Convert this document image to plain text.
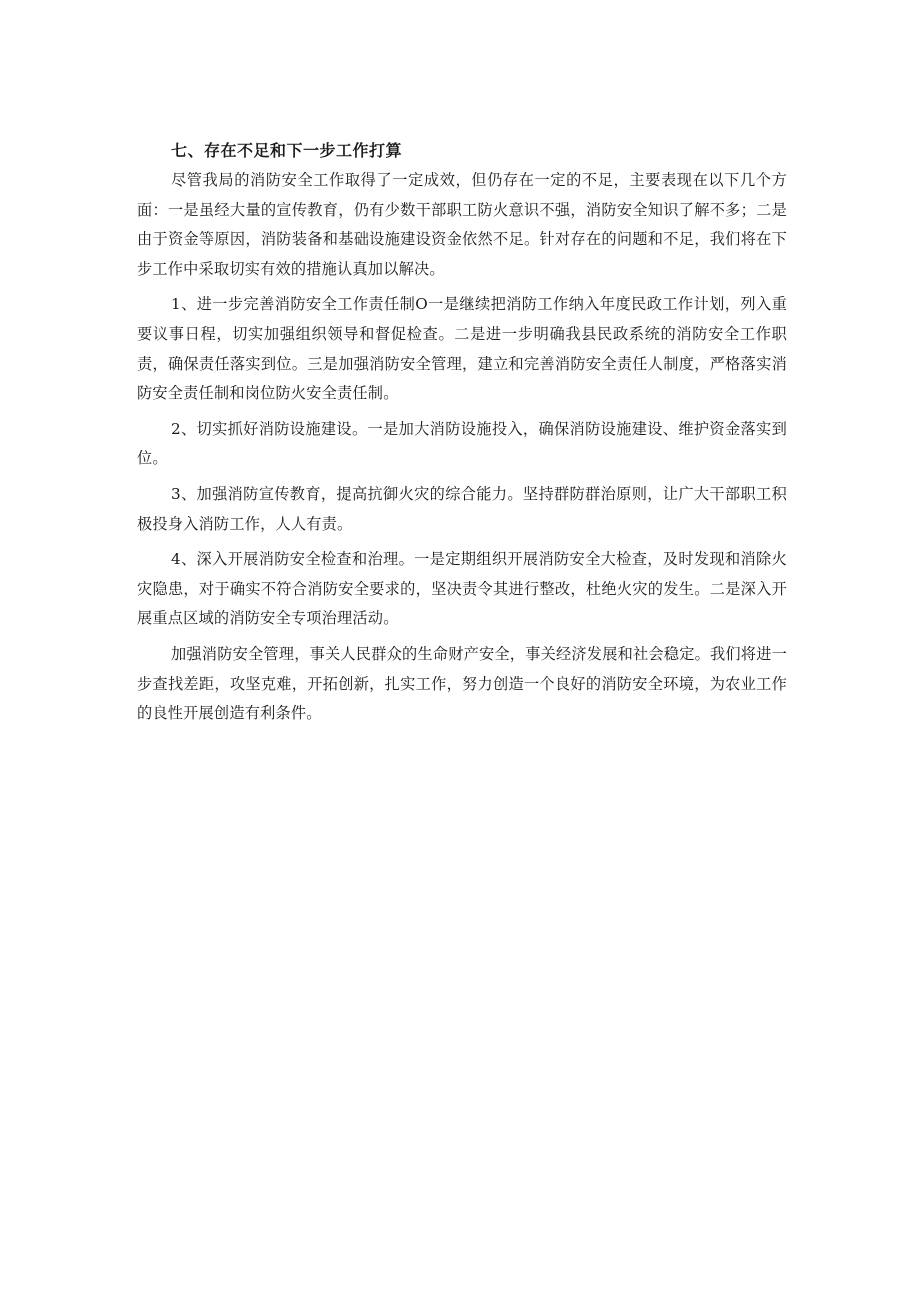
七、存在不足和下一步工作打算

尽管我局的消防安全工作取得了一定成效，但仍存在一定的不足，主要表现在以下几个方面：一是虽经大量的宣传教育，仍有少数干部职工防火意识不强，消防安全知识了解不多；二是由于资金等原因，消防装备和基础设施建设资金依然不足。针对存在的问题和不足，我们将在下步工作中采取切实有效的措施认真加以解决。

1、进一步完善消防安全工作责任制O一是继续把消防工作纳入年度民政工作计划，列入重要议事日程，切实加强组织领导和督促检查。二是进一步明确我县民政系统的消防安全工作职责，确保责任落实到位。三是加强消防安全管理，建立和完善消防安全责任人制度，严格落实消防安全责任制和岗位防火安全责任制。

2、切实抓好消防设施建设。一是加大消防设施投入，确保消防设施建设、维护资金落实到位。

3、加强消防宣传教育，提高抗御火灾的综合能力。坚持群防群治原则，让广大干部职工积极投身入消防工作，人人有责。

4、深入开展消防安全检查和治理。一是定期组织开展消防安全大检查，及时发现和消除火灾隐患，对于确实不符合消防安全要求的，坚决责令其进行整改，杜绝火灾的发生。二是深入开展重点区域的消防安全专项治理活动。

加强消防安全管理，事关人民群众的生命财产安全，事关经济发展和社会稳定。我们将进一步查找差距，攻坚克难，开拓创新，扎实工作，努力创造一个良好的消防安全环境，为农业工作的良性开展创造有利条件。
